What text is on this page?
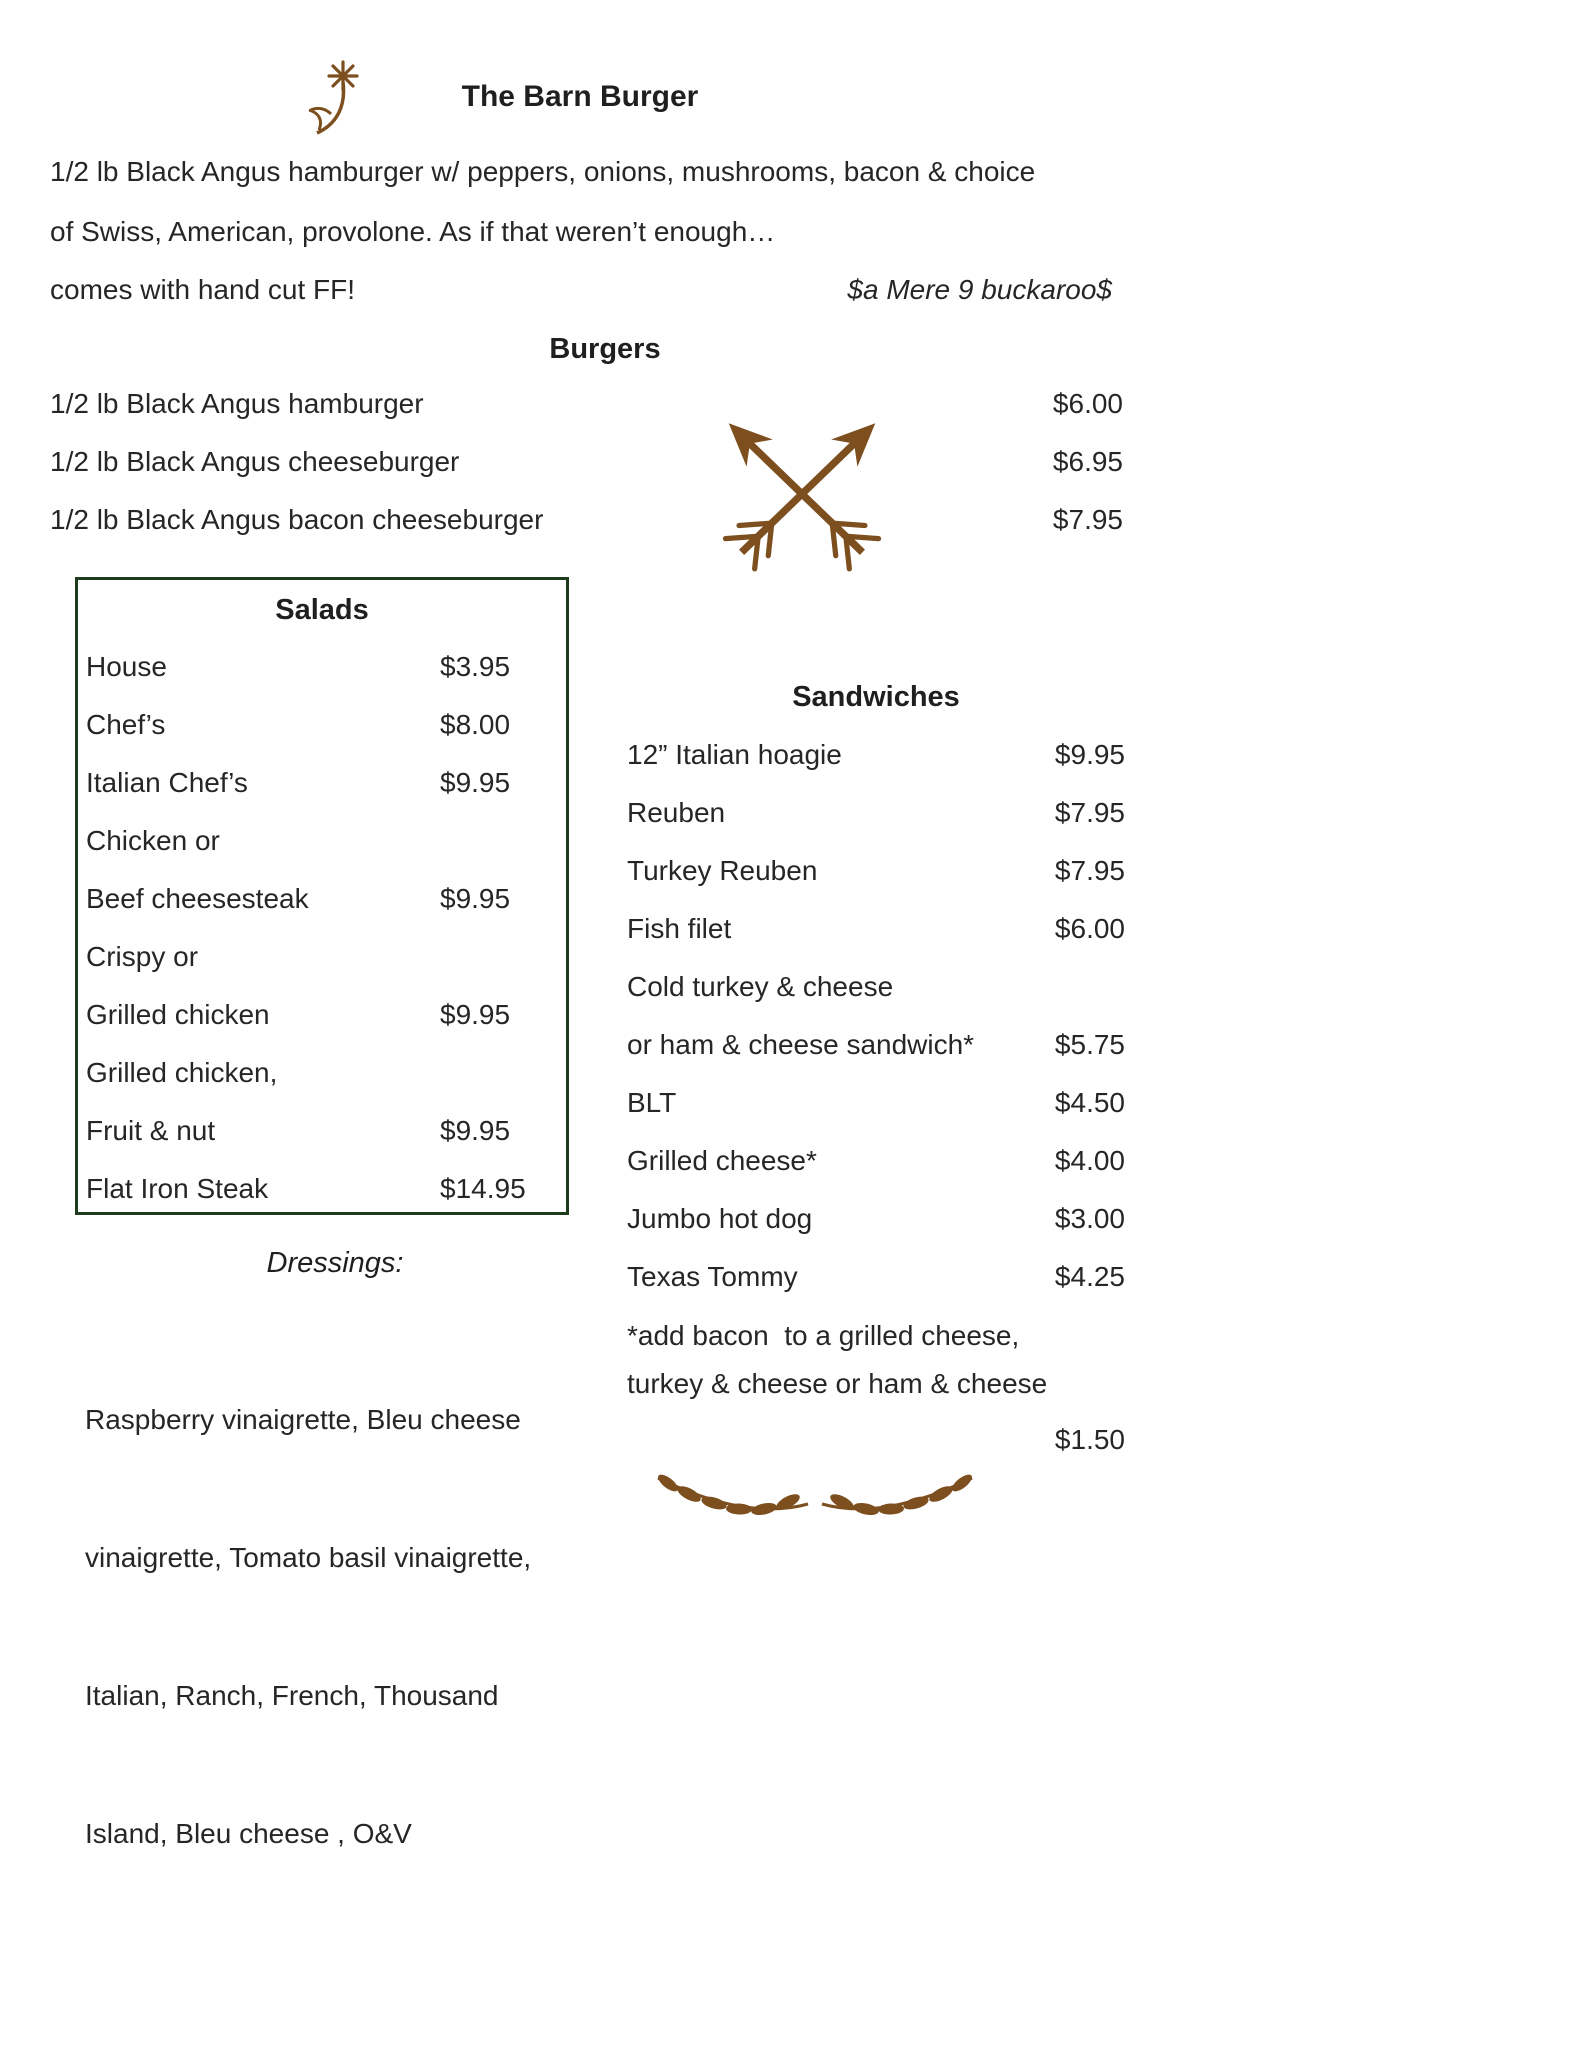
The Barn Burger
1/2 lb Black Angus hamburger w/ peppers, onions, mushrooms, bacon & choice
of Swiss, American, provolone. As if that weren’t enough…
comes with hand cut FF!	$a Mere 9 buckaroo$
Burgers
1/2 lb Black Angus hamburger	$6.00
1/2 lb Black Angus cheeseburger	$6.95
1/2 lb Black Angus bacon cheeseburger	$7.95
Salads
House	$3.95
Chef’s	$8.00
Italian Chef’s	$9.95
Chicken or
Beef cheesesteak	$9.95
Crispy or
Grilled chicken	$9.95
Grilled chicken,
Fruit & nut	$9.95
Flat Iron Steak	$14.95
Dressings:

Raspberry vinaigrette, Bleu cheese

vinaigrette, Tomato basil vinaigrette,

Italian, Ranch, French, Thousand

Island, Bleu cheese , O&V

Sandwiches
12” Italian hoagie	$9.95
Reuben	$7.95
Turkey Reuben	$7.95
Fish filet	$6.00
Cold turkey & cheese
or ham & cheese sandwich*	$5.75
BLT	$4.50
Grilled cheese*	$4.00
Jumbo hot dog	$3.00
Texas Tommy	$4.25
*add bacon  to a grilled cheese,
turkey & cheese or ham & cheese
$1.50
